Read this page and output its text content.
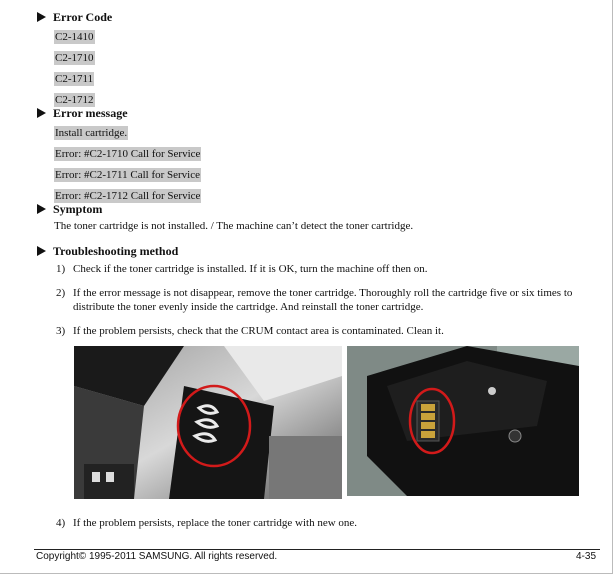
Error Code
C2-1410
C2-1710
C2-1711
C2-1712
Error message
Install cartridge.
Error: #C2-1710 Call for Service
Error: #C2-1711 Call for Service
Error: #C2-1712 Call for Service
Symptom
The toner cartridge is not installed. / The machine can’t detect the toner cartridge.
Troubleshooting method
1) Check if the toner cartridge is installed. If it is OK, turn the machine off then on.
2) If the error message is not disappear, remove the toner cartridge. Thoroughly roll the cartridge five or six times to distribute the toner evenly inside the cartridge. And reinstall the toner cartridge.
3) If the problem persists, check that the CRUM contact area is contaminated. Clean it.
4) If the problem persists, replace the toner cartridge with new one.
Copyright© 1995-2011 SAMSUNG. All rights reserved.	4-35
